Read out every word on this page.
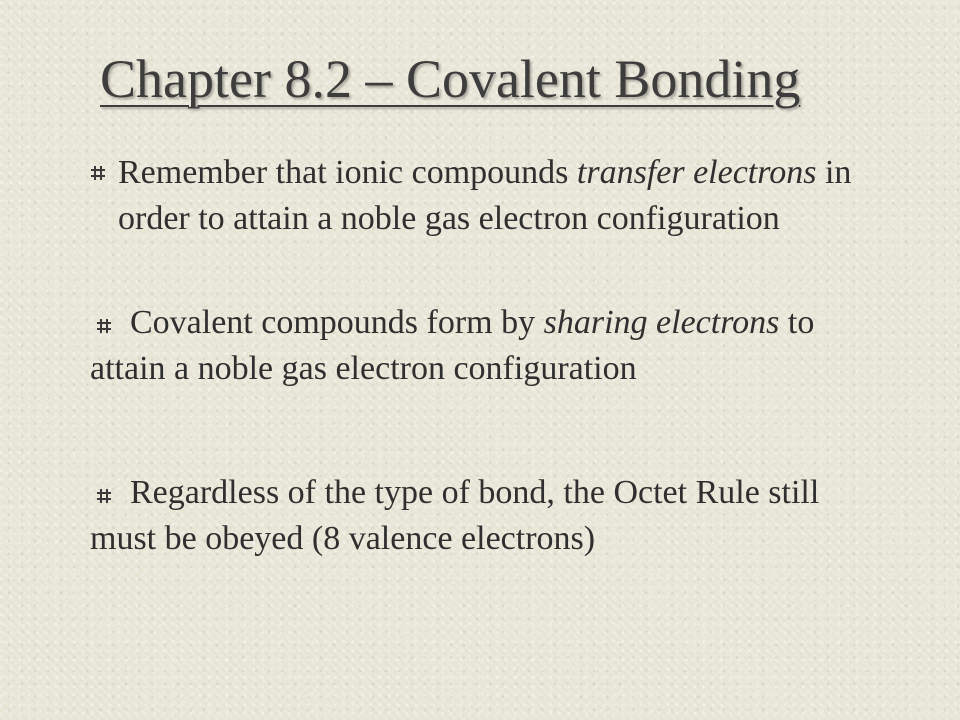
Chapter 8.2 – Covalent Bonding
Remember that ionic compounds transfer electrons in order to attain a noble gas electron configuration
Covalent compounds form by sharing electrons to attain a noble gas electron configuration
Regardless of the type of bond, the Octet Rule still must be obeyed (8 valence electrons)
